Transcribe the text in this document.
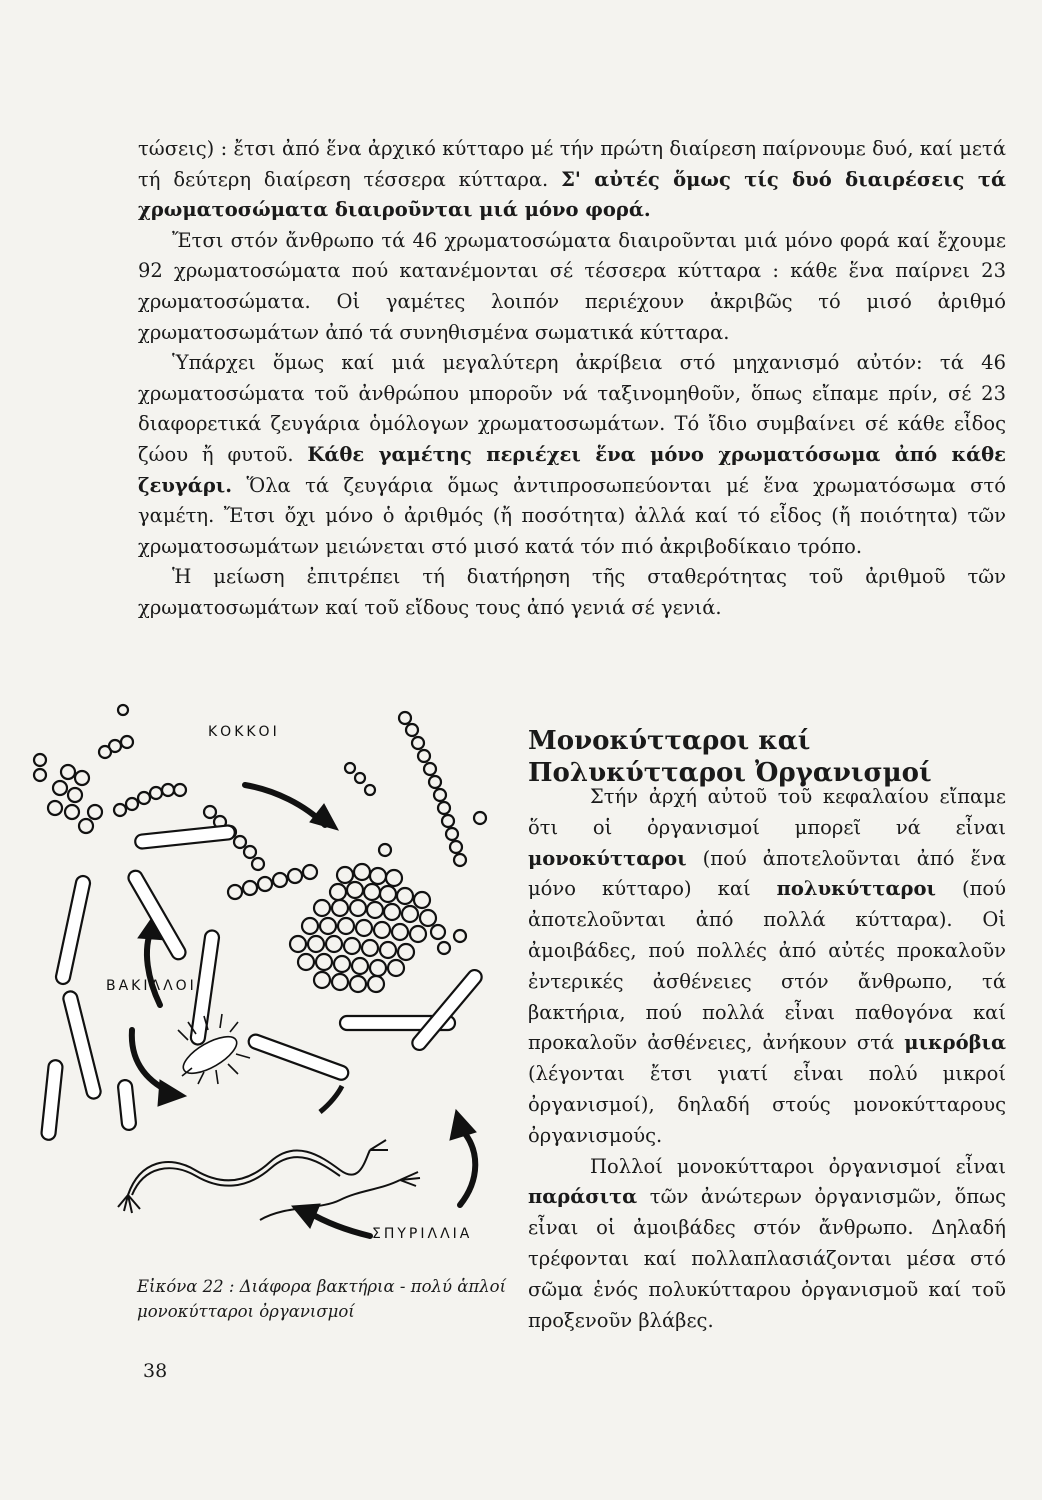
τώσεις) : ἔτσι ἀπό ἕνα ἀρχικό κύτταρο μέ τήν πρώτη διαίρεση παίρνουμε δυό, καί μετά τή δεύτερη διαίρεση τέσσερα κύτταρα. Σ' αὐτές ὅμως τίς δυό διαιρέσεις τά χρωματοσώματα διαιροῦνται μιά μόνο φορά.

Ἔτσι στόν ἄνθρωπο τά 46 χρωματοσώματα διαιροῦνται μιά μόνο φορά καί ἔχουμε 92 χρωματοσώματα πού κατανέμονται σέ τέσσερα κύτταρα : κάθε ἕνα παίρνει 23 χρωματοσώματα. Οἱ γαμέτες λοιπόν περιέχουν ἀκριβῶς τό μισό ἀριθμό χρωματοσωμάτων ἀπό τά συνηθισμένα σωματικά κύτταρα.

Ὑπάρχει ὅμως καί μιά μεγαλύτερη ἀκρίβεια στό μηχανισμό αὐτόν: τά 46 χρωματοσώματα τοῦ ἀνθρώπου μποροῦν νά ταξινομηθοῦν, ὅπως εἴπαμε πρίν, σέ 23 διαφορετικά ζευγάρια ὁμόλογων χρωματοσωμάτων. Τό ἴδιο συμβαίνει σέ κάθε εἶδος ζώου ἤ φυτοῦ. Κάθε γαμέτης περιέχει ἕνα μόνο χρωματόσωμα ἀπό κάθε ζευγάρι. Ὅλα τά ζευγάρια ὅμως ἀντιπροσωπεύονται μέ ἕνα χρωματόσωμα στό γαμέτη. Ἔτσι ὄχι μόνο ὁ ἀριθμός (ἤ ποσότητα) ἀλλά καί τό εἶδος (ἤ ποιότητα) τῶν χρωματοσωμάτων μειώνεται στό μισό κατά τόν πιό ἀκριβοδίκαιο τρόπο.

Ἡ μείωση ἐπιτρέπει τή διατήρηση τῆς σταθερότητας τοῦ ἀριθμοῦ τῶν χρωματοσωμάτων καί τοῦ εἴδους τους ἀπό γενιά σέ γενιά.

ΚΟΚΚΟΙ
ΒΑΚΙΛΛΟΙ
ΣΠΥΡΙΛΛΙΑ
Εἰκόνα 22 : Διάφορα βακτήρια - πολύ ἁπλοί μονοκύτταροι ὀργανισμοί
Μονοκύτταροι καί Πολυκύτταροι Ὀργανισμοί

Στήν ἀρχή αὐτοῦ τοῦ κεφαλαίου εἴπαμε ὅτι οἱ ὀργανισμοί μπορεῖ νά εἶναι μονοκύτταροι (πού ἀποτελοῦνται ἀπό ἕνα μόνο κύτταρο) καί πολυκύτταροι (πού ἀποτελοῦνται ἀπό πολλά κύτταρα). Οἱ ἀμοιβάδες, πού πολλές ἀπό αὐτές προκαλοῦν ἐντερικές ἀσθένειες στόν ἄνθρωπο, τά βακτήρια, πού πολλά εἶναι παθογόνα καί προκαλοῦν ἀσθένειες, ἀνήκουν στά μικρόβια (λέγονται ἔτσι γιατί εἶναι πολύ μικροί ὀργανισμοί), δηλαδή στούς μονοκύτταρους ὀργανισμούς.

Πολλοί μονοκύτταροι ὀργανισμοί εἶναι παράσιτα τῶν ἀνώτερων ὀργανισμῶν, ὅπως εἶναι οἱ ἀμοιβάδες στόν ἄνθρωπο. Δηλαδή τρέφονται καί πολλαπλασιάζονται μέσα στό σῶμα ἑνός πολυκύτταρου ὀργανισμοῦ καί τοῦ προξενοῦν βλάβες.

38
